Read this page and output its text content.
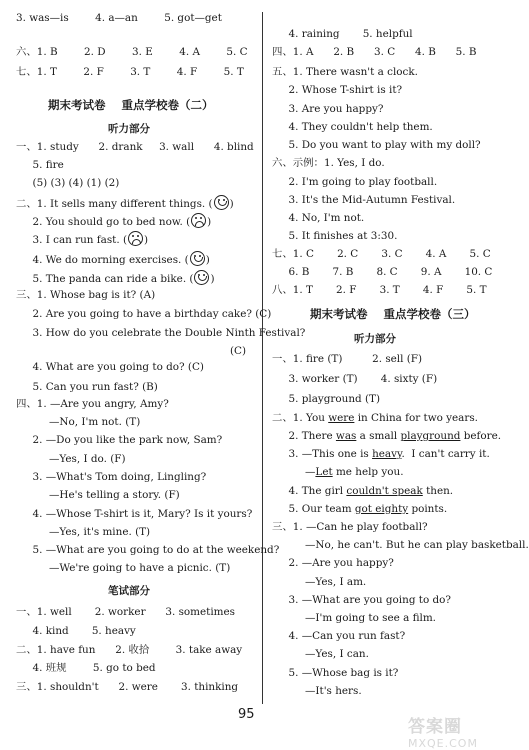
3. was—is        4. a—an        5. got—get
六、1. B        2. D        3. E        4. A        5. C
七、1. T        2. F        3. T        4. F        5. T
期末考试卷    重点学校卷（二）
听力部分
一、1. study      2. drank     3. wall      4. blind
5. fire
(5) (3) (4) (1) (2)
二、1. It sells many different things. ( )
2. You should go to bed now. ( )
3. I can run fast. ( )
4. We do morning exercises. ( )
5. The panda can ride a bike. ( )
三、1. Whose bag is it? (A)
2. Are you going to have a birthday cake? (C)
3. How do you celebrate the Double Ninth Festival?
(C)
4. What are you going to do? (C)
5. Can you run fast? (B)
四、1. —Are you angry, Amy?
—No, I'm not. (T)
2. —Do you like the park now, Sam?
—Yes, I do. (F)
3. —What's Tom doing, Lingling?
—He's telling a story. (F)
4. —Whose T-shirt is it, Mary? Is it yours?
—Yes, it's mine. (T)
5. —What are you going to do at the weekend?
—We're going to have a picnic. (T)
笔试部分
一、1. well       2. worker      3. sometimes
4. kind       5. heavy
二、1. have fun      2. 收拾        3. take away
4. 班规        5. go to bed
三、1. shouldn't      2. were       3. thinking
4. raining       5. helpful
四、1. A      2. B      3. C      4. B      5. B
五、1. There wasn't a clock.
2. Whose T-shirt is it?
3. Are you happy?
4. They couldn't help them.
5. Do you want to play with my doll?
六、示例：1. Yes, I do.
2. I'm going to play football.
3. It's the Mid-Autumn Festival.
4. No, I'm not.
5. It finishes at 3:30.
七、1. C       2. C       3. C       4. A       5. C
6. B       7. B       8. C       9. A       10. C
八、1. T       2. F       3. T       4. F       5. T
期末考试卷    重点学校卷（三）
听力部分
一、1. fire (T)         2. sell (F)
3. worker (T)       4. sixty (F)
5. playground (T)
二、1. You were in China for two years.
2. There was a small playground before.
3. —This one is heavy.  I can't carry it.
—Let me help you.
4. The girl couldn't speak then.
5. Our team got eighty points.
三、1. —Can he play football?
—No, he can't. But he can play basketball.
2. —Are you happy?
—Yes, I am.
3. —What are you going to do?
—I'm going to see a film.
4. —Can you run fast?
—Yes, I can.
5. —Whose bag is it?
—It's hers.
95
答案圈
MXQE.COM
